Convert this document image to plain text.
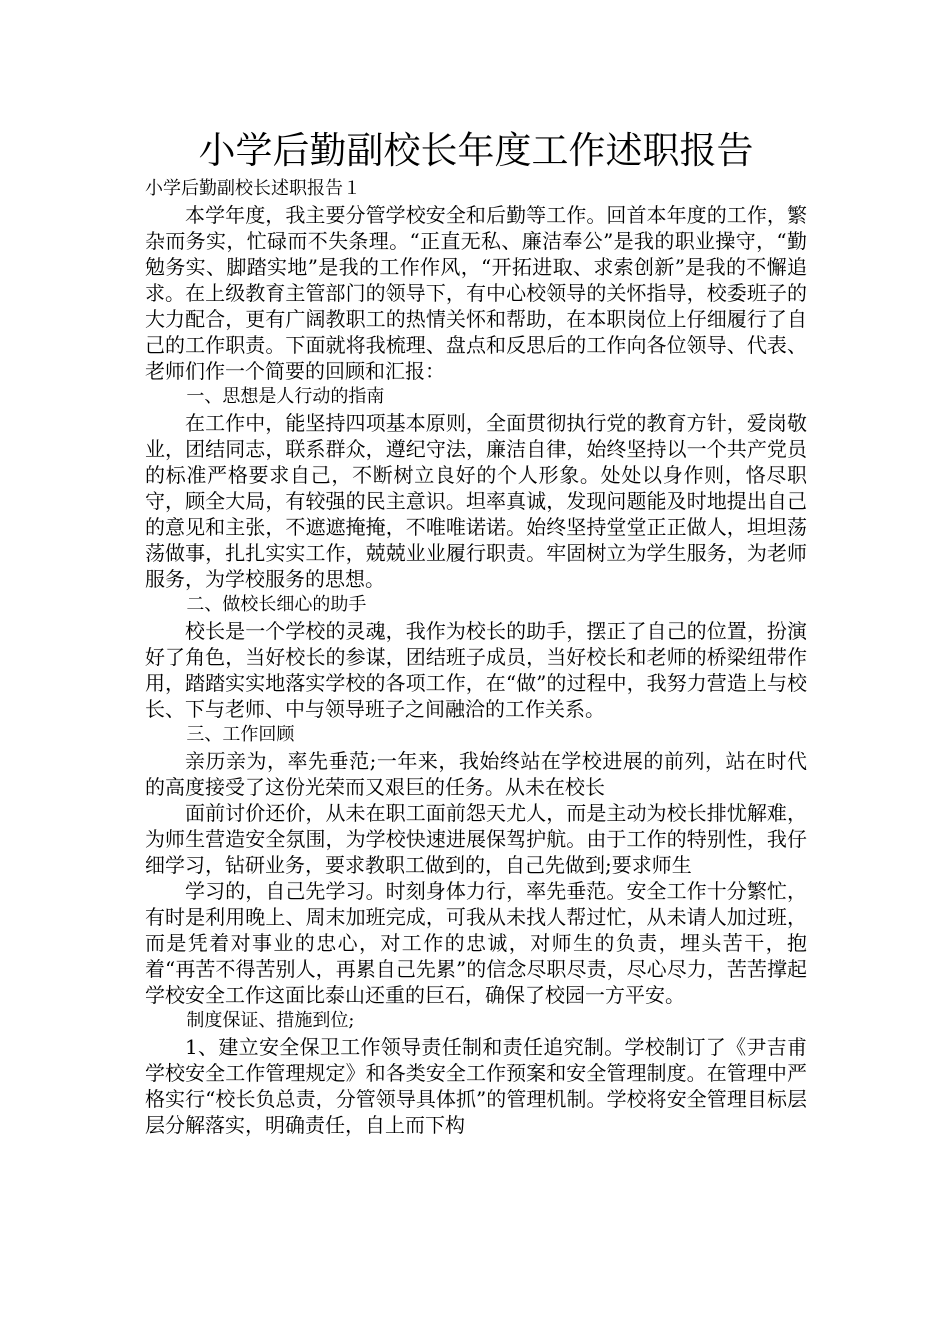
小学后勤副校长年度工作述职报告

小学后勤副校长述职报告１

本学年度，我主要分管学校安全和后勤等工作。回首本年度的工作，繁杂而务实，忙碌而不失条理。“正直无私、廉洁奉公”是我的职业操守，“勤勉务实、脚踏实地”是我的工作作风，“开拓进取、求索创新”是我的不懈追求。在上级教育主管部门的领导下，有中心校领导的关怀指导，校委班子的大力配合，更有广阔教职工的热情关怀和帮助，在本职岗位上仔细履行了自己的工作职责。下面就将我梳理、盘点和反思后的工作向各位领导、代表、老师们作一个简要的回顾和汇报：

一、思想是人行动的指南

在工作中，能坚持四项基本原则，全面贯彻执行党的教育方针，爱岗敬业，团结同志，联系群众，遵纪守法，廉洁自律，始终坚持以一个共产党员的标准严格要求自己，不断树立良好的个人形象。处处以身作则，恪尽职守，顾全大局，有较强的民主意识。坦率真诚，发现问题能及时地提出自己的意见和主张，不遮遮掩掩，不唯唯诺诺。始终坚持堂堂正正做人，坦坦荡荡做事，扎扎实实工作，兢兢业业履行职责。牢固树立为学生服务，为老师服务，为学校服务的思想。

二、做校长细心的助手

校长是一个学校的灵魂，我作为校长的助手，摆正了自己的位置，扮演好了角色，当好校长的参谋，团结班子成员，当好校长和老师的桥梁纽带作用，踏踏实实地落实学校的各项工作，在“做”的过程中，我努力营造上与校长、下与老师、中与领导班子之间融洽的工作关系。

三、工作回顾

亲历亲为，率先垂范;一年来，我始终站在学校进展的前列，站在时代的高度接受了这份光荣而又艰巨的任务。从未在校长

面前讨价还价，从未在职工面前怨天尤人，而是主动为校长排忧解难，为师生营造安全氛围，为学校快速进展保驾护航。由于工作的特别性，我仔细学习，钻研业务，要求教职工做到的，自己先做到;要求师生

学习的，自己先学习。时刻身体力行，率先垂范。安全工作十分繁忙，有时是利用晚上、周末加班完成，可我从未找人帮过忙，从未请人加过班，而是凭着对事业的忠心，对工作的忠诚，对师生的负责，埋头苦干，抱着“再苦不得苦别人，再累自己先累”的信念尽职尽责，尽心尽力，苦苦撑起学校安全工作这面比泰山还重的巨石，确保了校园一方平安。

制度保证、措施到位;

1、建立安全保卫工作领导责任制和责任追究制。学校制订了《尹吉甫学校安全工作管理规定》和各类安全工作预案和安全管理制度。在管理中严格实行“校长负总责，分管领导具体抓”的管理机制。学校将安全管理目标层层分解落实，明确责任，自上而下构
